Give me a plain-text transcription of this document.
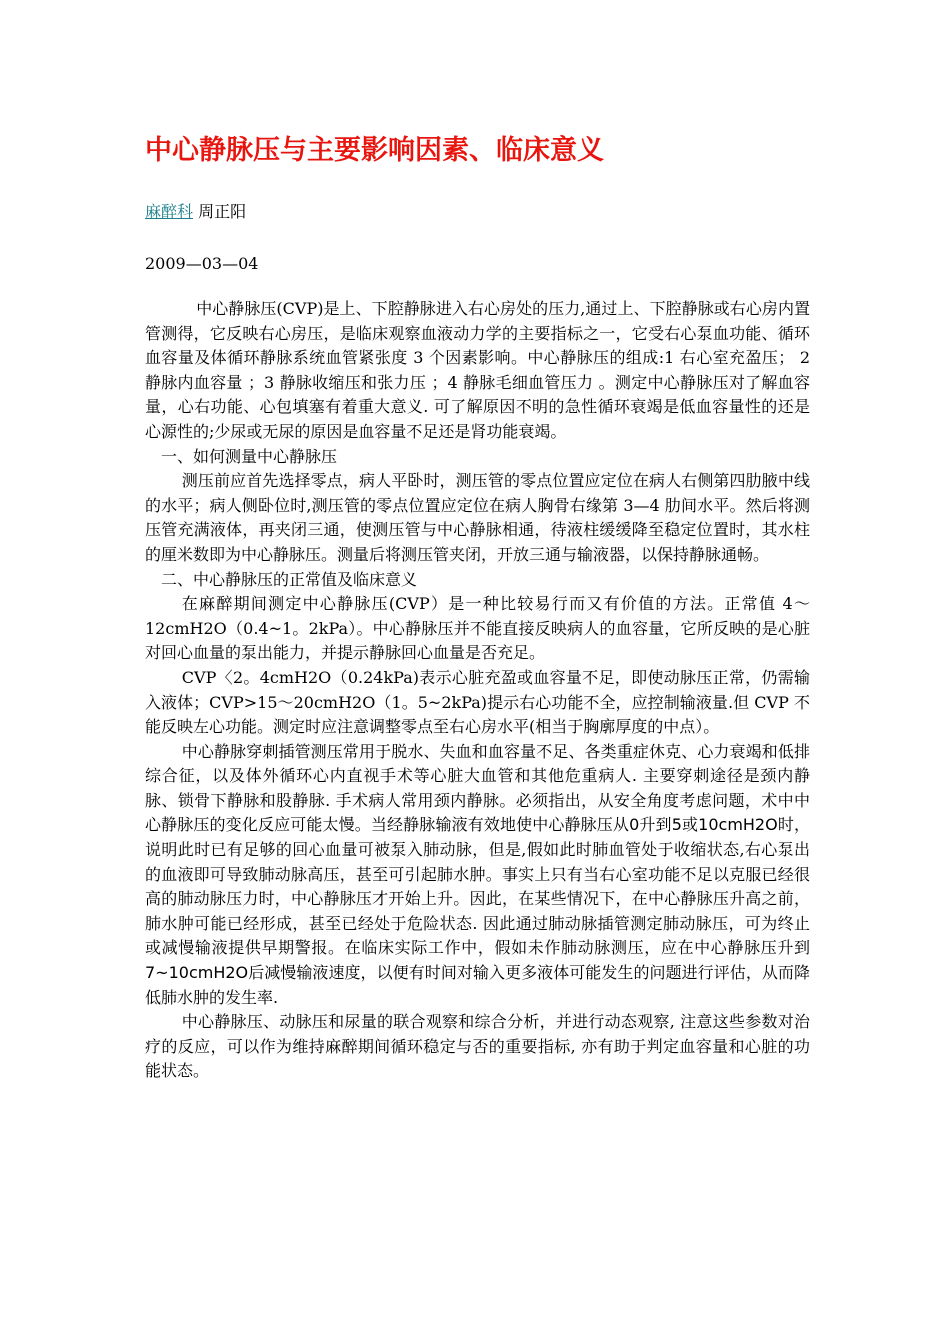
中心静脉压与主要影响因素、临床意义
麻醉科 周正阳
2009—03—04

中心静脉压(CVP)是上、下腔静脉进入右心房处的压力,通过上、下腔静脉或右心房内置管测得，它反映右心房压，是临床观察血液动力学的主要指标之一，它受右心泵血功能、循环血容量及体循环静脉系统血管紧张度 3 个因素影响。中心静脉压的组成:1 右心室充盈压； 2 静脉内血容量 ；3 静脉收缩压和张力压 ；4 静脉毛细血管压力 。测定中心静脉压对了解血容量，心右功能、心包填塞有着重大意义. 可了解原因不明的急性循环衰竭是低血容量性的还是心源性的;少尿或无尿的原因是血容量不足还是肾功能衰竭。

一、如何测量中心静脉压

测压前应首先选择零点，病人平卧时，测压管的零点位置应定位在病人右侧第四肋腋中线的水平；病人侧卧位时,测压管的零点位置应定位在病人胸骨右缘第 3—4 肋间水平。然后将测压管充满液体，再夹闭三通，使测压管与中心静脉相通，待液柱缓缓降至稳定位置时，其水柱的厘米数即为中心静脉压。测量后将测压管夹闭，开放三通与输液器，以保持静脉通畅。

二、中心静脉压的正常值及临床意义

在麻醉期间测定中心静脉压(CVP）是一种比较易行而又有价值的方法。正常值 4～12cmH2O（0.4~1。2kPa）。中心静脉压并不能直接反映病人的血容量，它所反映的是心脏对回心血量的泵出能力，并提示静脉回心血量是否充足。

CVP〈2。4cmH2O（0.24kPa)表示心脏充盈或血容量不足，即使动脉压正常，仍需输入液体；CVP>15～20cmH2O（1。5~2kPa)提示右心功能不全，应控制输液量.但 CVP 不能反映左心功能。测定时应注意调整零点至右心房水平(相当于胸廓厚度的中点）。

中心静脉穿刺插管测压常用于脱水、失血和血容量不足、各类重症休克、心力衰竭和低排综合征，以及体外循环心内直视手术等心脏大血管和其他危重病人. 主要穿刺途径是颈内静脉、锁骨下静脉和股静脉. 手术病人常用颈内静脉。必须指出，从安全角度考虑问题，术中中心静脉压的变化反应可能太慢。当经静脉输液有效地使中心静脉压从0升到5或10cmH2O时，说明此时已有足够的回心血量可被泵入肺动脉，但是,假如此时肺血管处于收缩状态,右心泵出的血液即可导致肺动脉高压，甚至可引起肺水肿。事实上只有当右心室功能不足以克服已经很高的肺动脉压力时，中心静脉压才开始上升。因此，在某些情况下，在中心静脉压升高之前，肺水肿可能已经形成，甚至已经处于危险状态. 因此通过肺动脉插管测定肺动脉压，可为终止或减慢输液提供早期警报。在临床实际工作中，假如未作肺动脉测压，应在中心静脉压升到7~10cmH2O后减慢输液速度，以便有时间对输入更多液体可能发生的问题进行评估，从而降低肺水肿的发生率.

中心静脉压、动脉压和尿量的联合观察和综合分析，并进行动态观察, 注意这些参数对治疗的反应，可以作为维持麻醉期间循环稳定与否的重要指标, 亦有助于判定血容量和心脏的功能状态。
